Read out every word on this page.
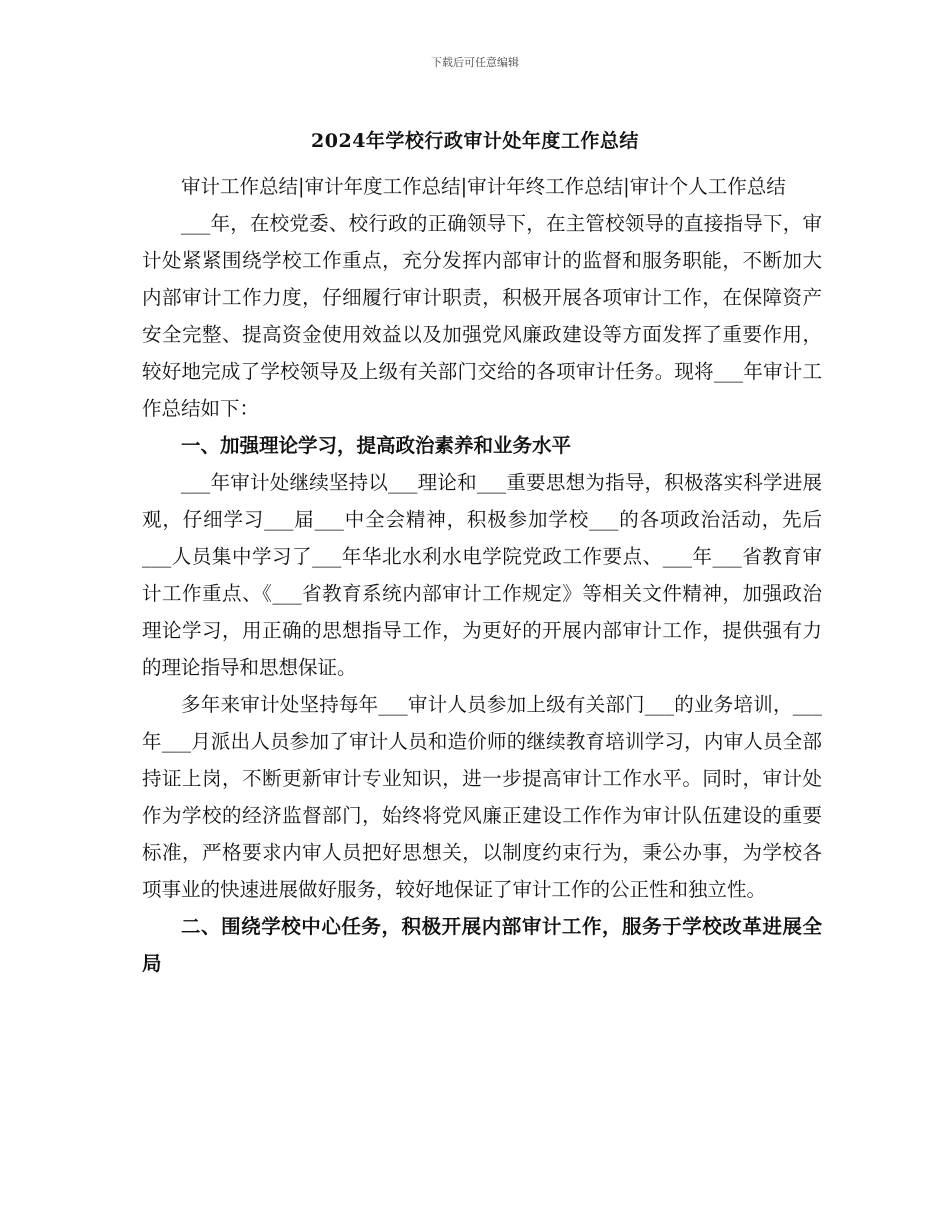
下载后可任意编辑
2024年学校行政审计处年度工作总结

审计工作总结|审计年度工作总结|审计年终工作总结|审计个人工作总结

___年，在校党委、校行政的正确领导下，在主管校领导的直接指导下，审计处紧紧围绕学校工作重点，充分发挥内部审计的监督和服务职能，不断加大内部审计工作力度，仔细履行审计职责，积极开展各项审计工作，在保障资产安全完整、提高资金使用效益以及加强党风廉政建设等方面发挥了重要作用，较好地完成了学校领导及上级有关部门交给的各项审计任务。现将___年审计工作总结如下：

一、加强理论学习，提高政治素养和业务水平

___年审计处继续坚持以___理论和___重要思想为指导，积极落实科学进展观，仔细学习___届___中全会精神，积极参加学校___的各项政治活动，先后___人员集中学习了___年华北水利水电学院党政工作要点、___年___省教育审计工作重点、《___省教育系统内部审计工作规定》等相关文件精神，加强政治理论学习，用正确的思想指导工作，为更好的开展内部审计工作，提供强有力的理论指导和思想保证。

多年来审计处坚持每年___审计人员参加上级有关部门___的业务培训，___年___月派出人员参加了审计人员和造价师的继续教育培训学习，内审人员全部持证上岗，不断更新审计专业知识，进一步提高审计工作水平。同时，审计处作为学校的经济监督部门，始终将党风廉正建设工作作为审计队伍建设的重要标准，严格要求内审人员把好思想关，以制度约束行为，秉公办事，为学校各项事业的快速进展做好服务，较好地保证了审计工作的公正性和独立性。

二、围绕学校中心任务，积极开展内部审计工作，服务于学校改革进展全局
